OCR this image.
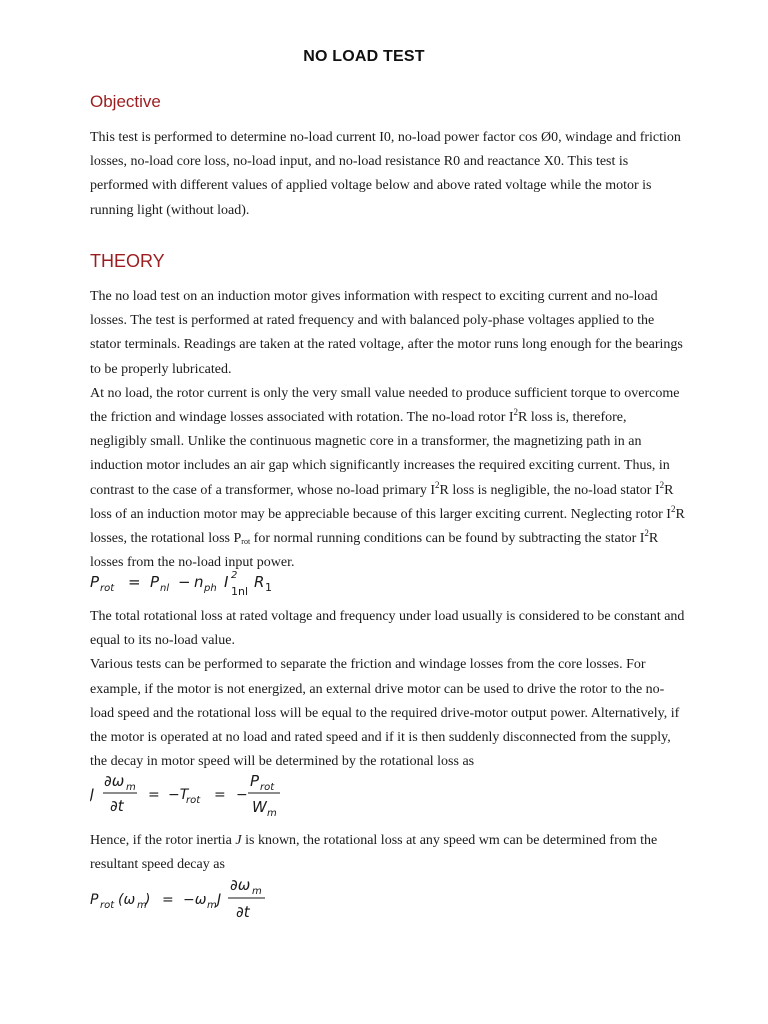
NO LOAD TEST
Objective
This test is performed to determine no-load current I0, no-load power factor cos Ø0, windage and friction
losses, no-load core loss, no-load input, and no-load resistance R0 and reactance X0. This test is
performed with different values of applied voltage below and above rated voltage while the motor is
running light (without load).
THEORY
The no load test on an induction motor gives information with respect to exciting current and no-load
losses. The test is performed at rated frequency and with balanced poly-phase voltages applied to the
stator terminals. Readings are taken at the rated voltage, after the motor runs long enough for the bearings
to be properly lubricated.
At no load, the rotor current is only the very small value needed to produce sufficient torque to overcome
the friction and windage losses associated with rotation. The no-load rotor $I^2R$ loss is, therefore,
negligibly small. Unlike the continuous magnetic core in a transformer, the magnetizing path in an
induction motor includes an air gap which significantly increases the required exciting current. Thus, in
contrast to the case of a transformer, whose no-load primary $I^2R$ loss is negligible, the no-load stator $I^2R$
loss of an induction motor may be appreciable because of this larger exciting current. Neglecting rotor $I^2R$
losses, the rotational loss $P_{rot}$ for normal running conditions can be found by subtracting the stator $I^2R$
losses from the no-load input power.
P rot = P nl − n ph I 2
1nl
R 1
The total rotational loss at rated voltage and frequency under load usually is considered to be constant and
equal to its no-load value.
Various tests can be performed to separate the friction and windage losses from the core losses. For
example, if the motor is not energized, an external drive motor can be used to drive the rotor to the no-
load speed and the rotational loss will be equal to the required drive-motor output power. Alternatively, if
the motor is operated at no load and rated speed and if it is then suddenly disconnected from the supply,
the decay in motor speed will be determined by the rotational loss as
J
∂ω m
∂t
= −T
rot = −
P rot
W m
Hence, if the rotor inertia J is known, the rotational loss at any speed wm can be determined from the
resultant speed decay as
P rot (ω m
) = −ω m J
∂ω m
∂t
